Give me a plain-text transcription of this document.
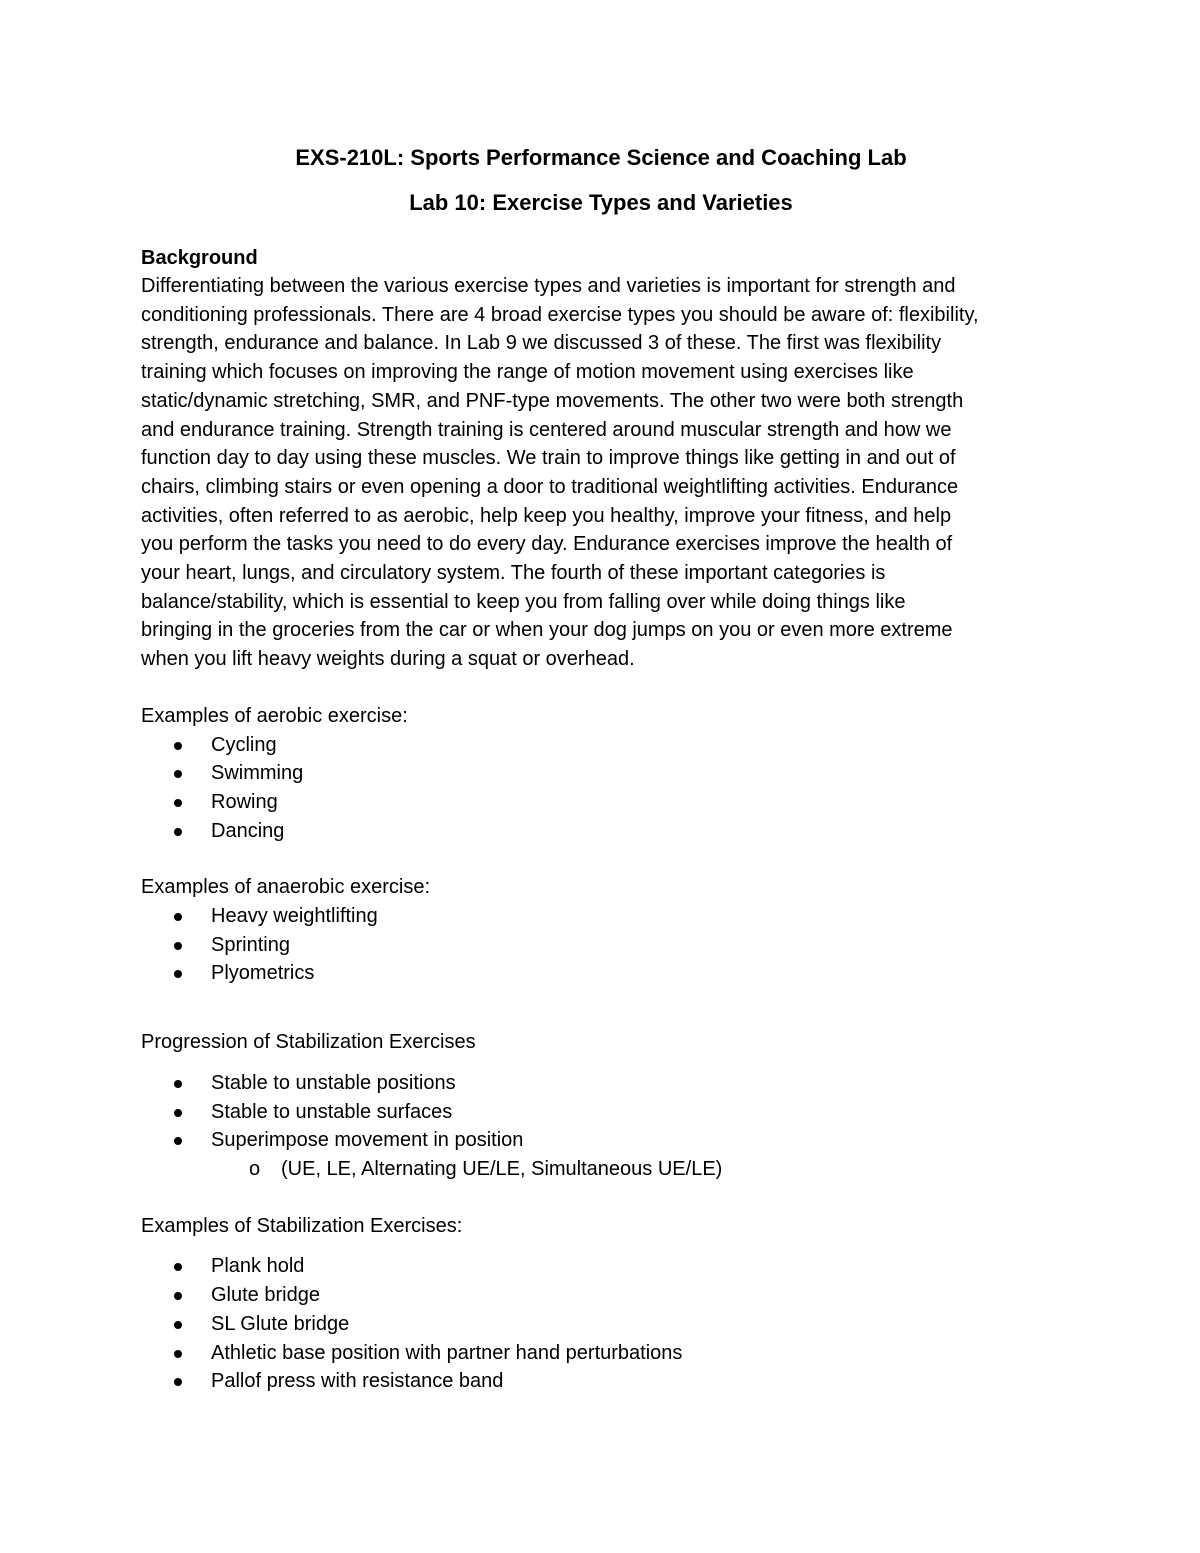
EXS-210L: Sports Performance Science and Coaching Lab

Lab 10: Exercise Types and Varieties

Background

Differentiating between the various exercise types and varieties is important for strength and
conditioning professionals. There are 4 broad exercise types you should be aware of: flexibility,
strength, endurance and balance. In Lab 9 we discussed 3 of these. The first was flexibility
training which focuses on improving the range of motion movement using exercises like
static/dynamic stretching, SMR, and PNF-type movements. The other two were both strength
and endurance training. Strength training is centered around muscular strength and how we
function day to day using these muscles. We train to improve things like getting in and out of
chairs, climbing stairs or even opening a door to traditional weightlifting activities. Endurance
activities, often referred to as aerobic, help keep you healthy, improve your fitness, and help
you perform the tasks you need to do every day. Endurance exercises improve the health of
your heart, lungs, and circulatory system. The fourth of these important categories is
balance/stability, which is essential to keep you from falling over while doing things like
bringing in the groceries from the car or when your dog jumps on you or even more extreme
when you lift heavy weights during a squat or overhead.

Examples of aerobic exercise:

Cycling
Swimming
Rowing
Dancing

Examples of anaerobic exercise:

Heavy weightlifting
Sprinting
Plyometrics

Progression of Stabilization Exercises

Stable to unstable positions
Stable to unstable surfaces
Superimpose movement in position
o (UE, LE, Alternating UE/LE, Simultaneous UE/LE)

Examples of Stabilization Exercises:

Plank hold
Glute bridge
SL Glute bridge
Athletic base position with partner hand perturbations
Pallof press with resistance band
